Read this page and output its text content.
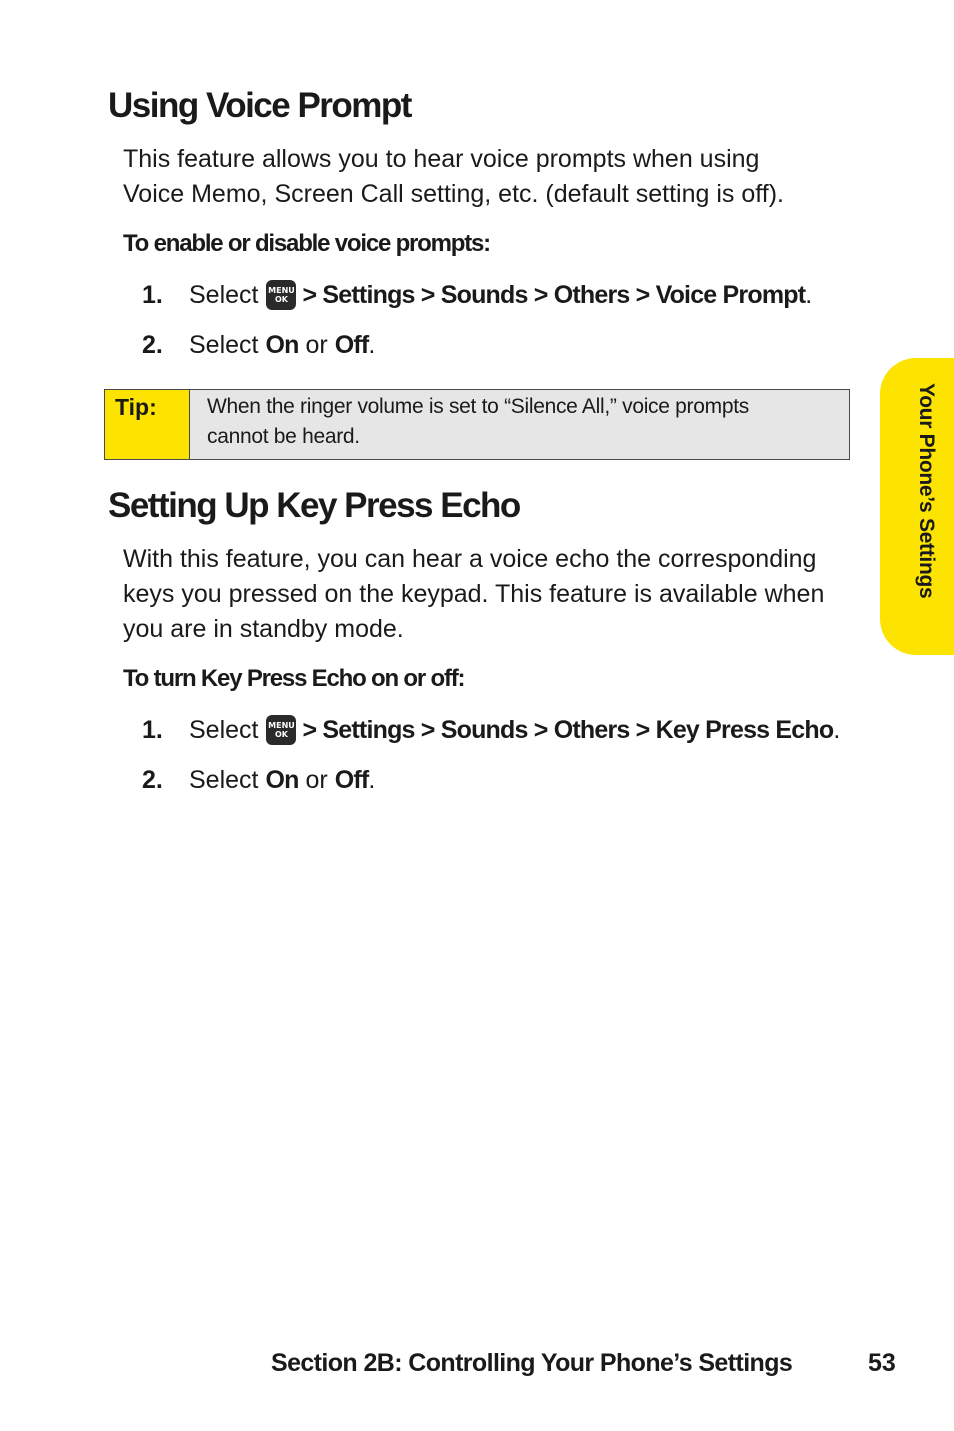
Using Voice Prompt

This feature allows you to hear voice prompts when using
Voice Memo, Screen Call setting, etc. (default setting is off).

To enable or disable voice prompts:

1.	Select MENU
OK > Settings > Sounds > Others > Voice Prompt .
2.	Select
On
or
Off .
Tip:	When the ringer volume is set to “Silence All,” voice prompts
cannot be heard.
Setting Up Key Press Echo

With this feature, you can hear a voice echo the corresponding
keys you pressed on the keypad. This feature is available when
you are in standby mode.

To turn Key Press Echo on or off:

1.	Select MENU
OK > Settings > Sounds > Others > Key Press Echo .
2.	Select
On
or
Off .
Your Phone’s Settings
Section 2B: Controlling Your Phone’s Settings	53
